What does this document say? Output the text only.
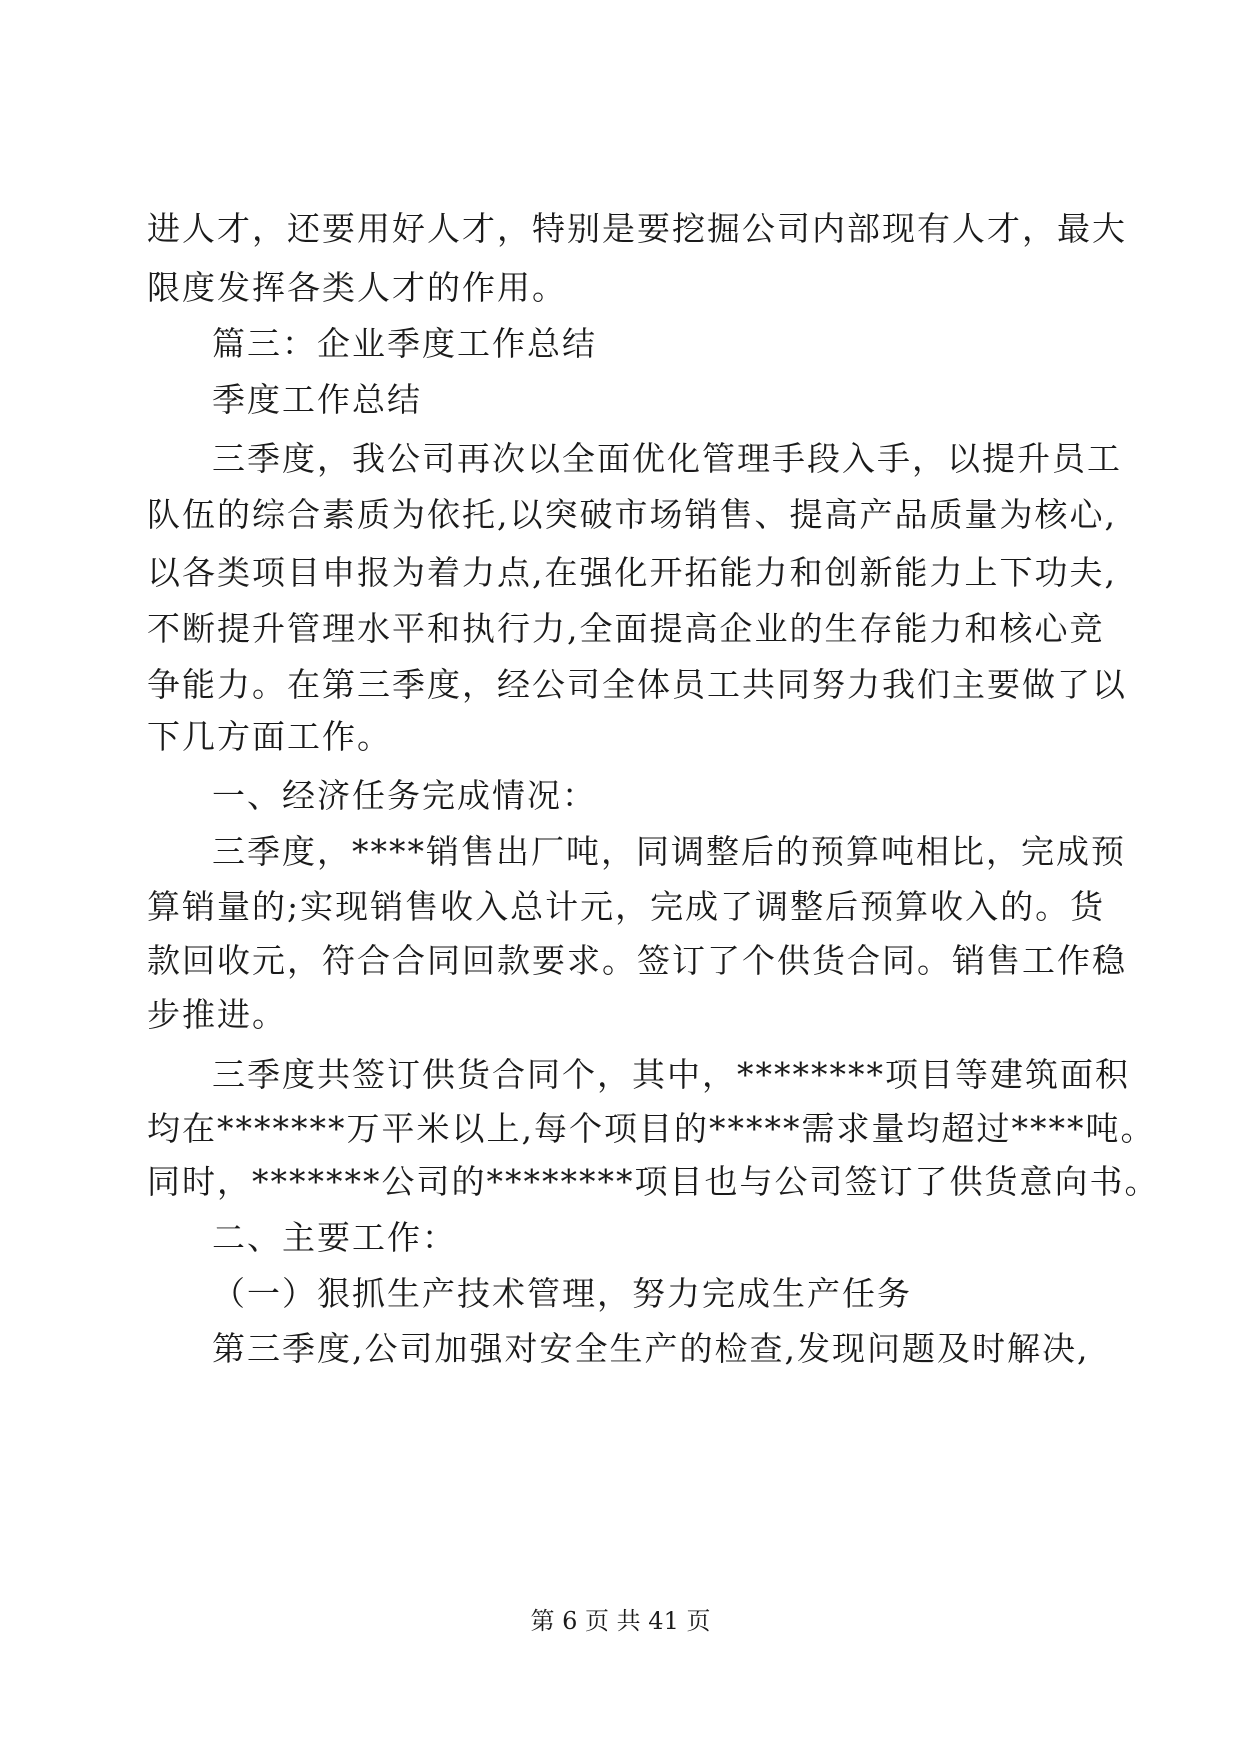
进人才，还要用好人才，特别是要挖掘公司内部现有人才，最大
限度发挥各类人才的作用。
篇三：企业季度工作总结
季度工作总结
三季度，我公司再次以全面优化管理手段入手，以提升员工
队伍的综合素质为依托,以突破市场销售、提高产品质量为核心,
以各类项目申报为着力点,在强化开拓能力和创新能力上下功夫,
不断提升管理水平和执行力,全面提高企业的生存能力和核心竞
争能力。在第三季度，经公司全体员工共同努力我们主要做了以
下几方面工作。
一、经济任务完成情况：
三季度，****销售出厂吨，同调整后的预算吨相比，完成预
算销量的;实现销售收入总计元，完成了调整后预算收入的。货
款回收元，符合合同回款要求。签订了个供货合同。销售工作稳
步推进。
三季度共签订供货合同个，其中，********项目等建筑面积
均在*******万平米以上,每个项目的*****需求量均超过****吨。
同时，*******公司的********项目也与公司签订了供货意向书。
二、主要工作：
（一）狠抓生产技术管理，努力完成生产任务
第三季度,公司加强对安全生产的检查,发现问题及时解决,
第 6 页 共 41 页
